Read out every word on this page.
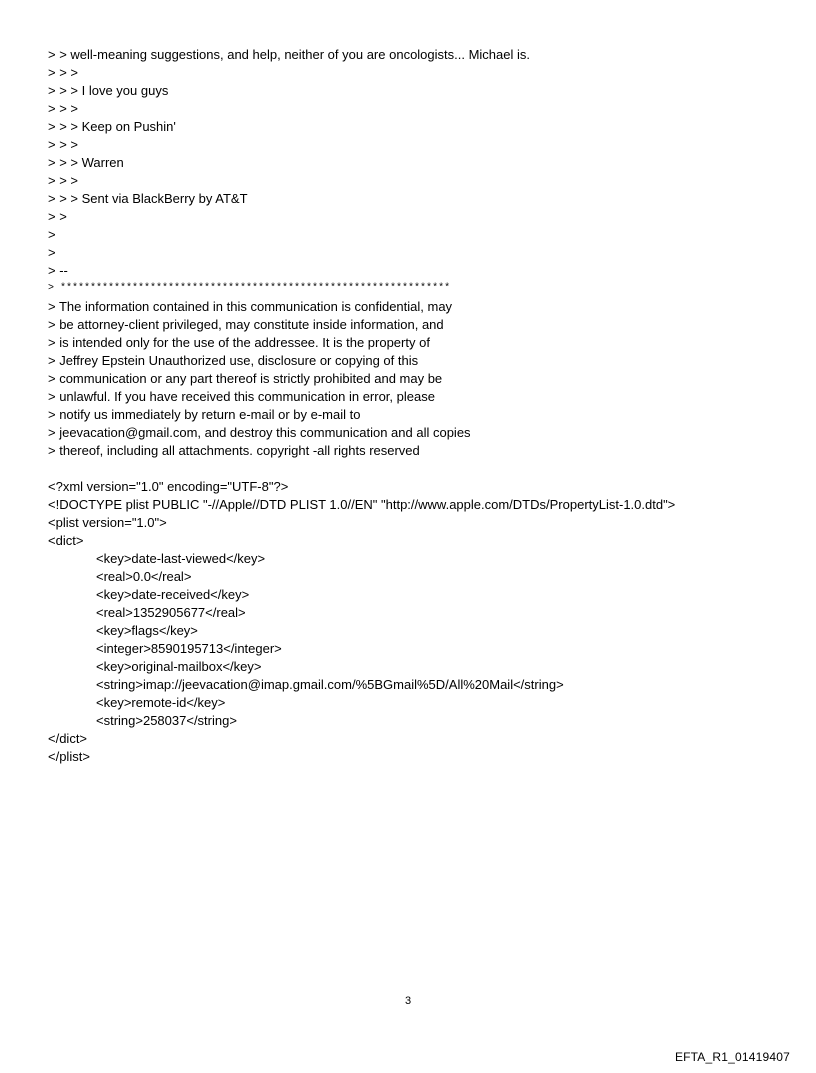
> > well-meaning suggestions, and help, neither of you are oncologists... Michael is.
> > >
> > > I love you guys
> > >
> > > Keep on Pushin'
> > >
> > > Warren
> > >
> > > Sent via BlackBerry by AT&T
> >
>
>
> --
> *****************************************************************
> The information contained in this communication is confidential, may
> be attorney-client privileged, may constitute inside information, and
> is intended only for the use of the addressee. It is the property of
> Jeffrey Epstein Unauthorized use, disclosure or copying of this
> communication or any part thereof is strictly prohibited and may be
> unlawful. If you have received this communication in error, please
> notify us immediately by return e-mail or by e-mail to
> jeevacation@gmail.com, and destroy this communication and all copies
> thereof, including all attachments. copyright -all rights reserved
<?xml version="1.0" encoding="UTF-8"?>
<!DOCTYPE plist PUBLIC "-//Apple//DTD PLIST 1.0//EN" "http://www.apple.com/DTDs/PropertyList-1.0.dtd">
<plist version="1.0">
<dict>
<key>date-last-viewed</key>
<real>0.0</real>
<key>date-received</key>
<real>1352905677</real>
<key>flags</key>
<integer>8590195713</integer>
<key>original-mailbox</key>
<string>imap://jeevacation@imap.gmail.com/%5BGmail%5D/All%20Mail</string>
<key>remote-id</key>
<string>258037</string>
</dict>
</plist>
3
EFTA_R1_01419407
